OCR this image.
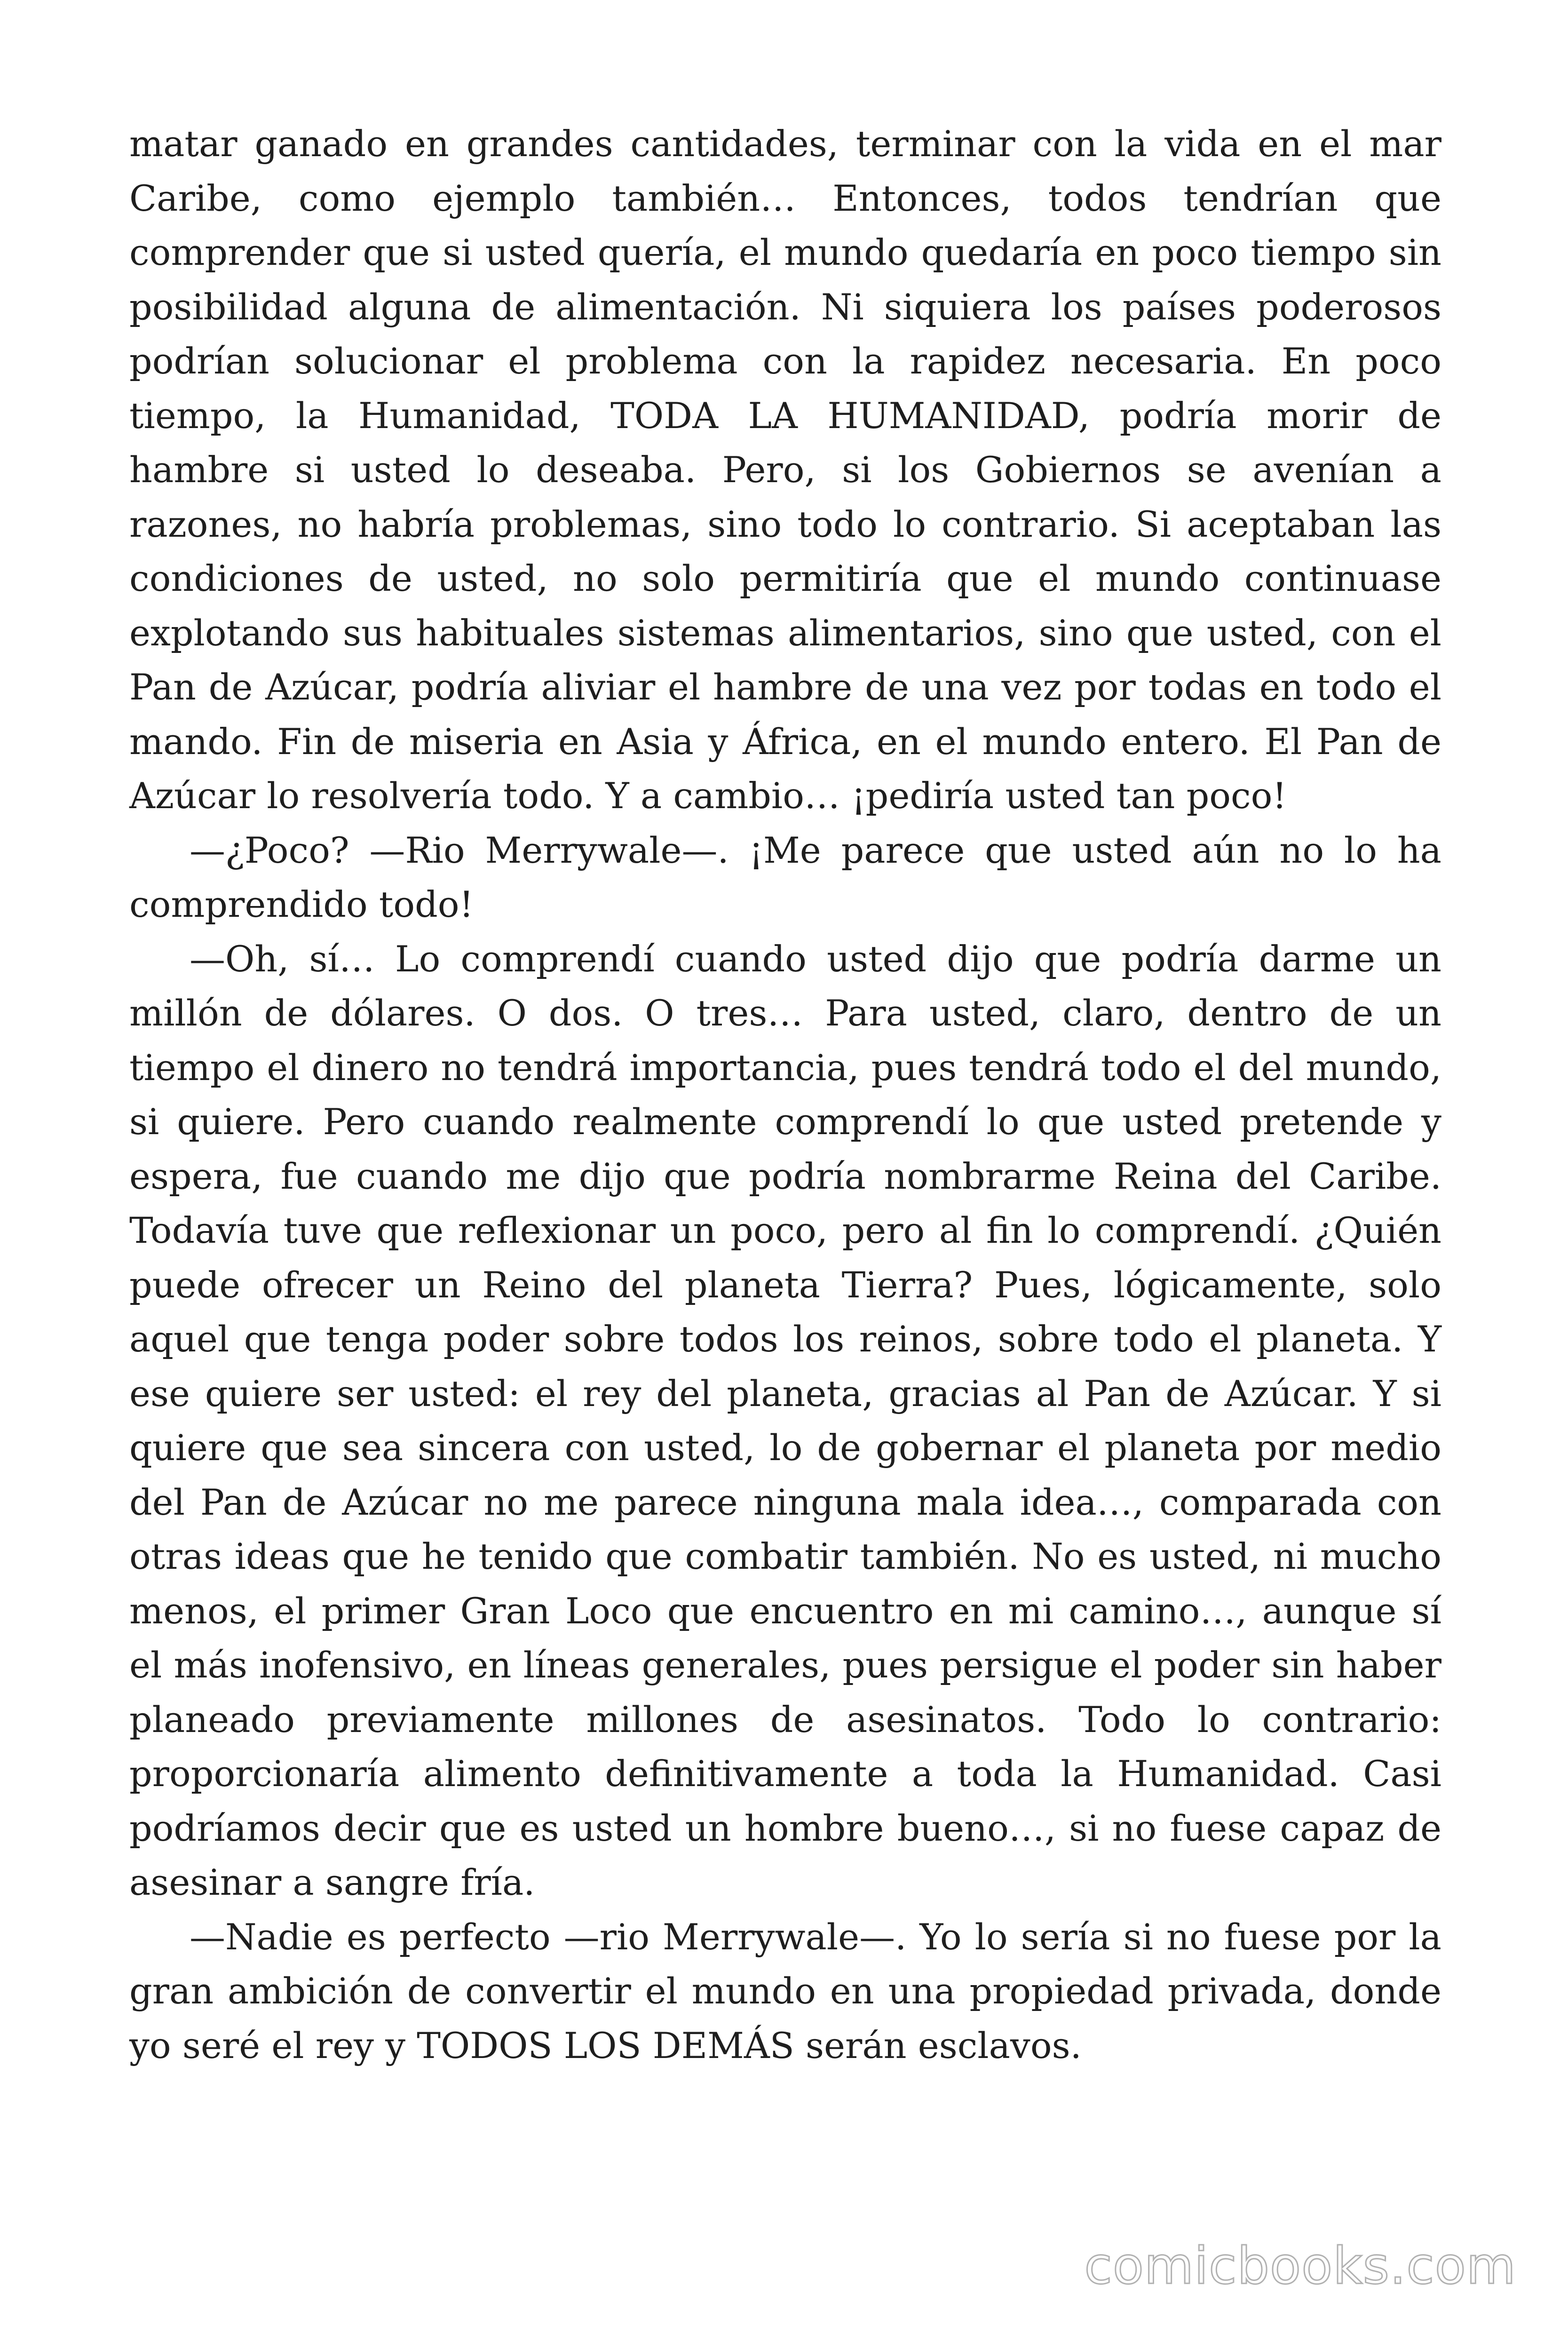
matar ganado en grandes cantidades, terminar con la vida en el mar Caribe, como ejemplo también… Entonces, todos tendrían que comprender que si usted quería, el mundo quedaría en poco tiempo sin posibilidad alguna de alimentación. Ni siquiera los países poderosos podrían solucionar el problema con la rapidez necesaria. En poco tiempo, la Humanidad, TODA LA HUMANIDAD, podría morir de hambre si usted lo deseaba. Pero, si los Gobiernos se avenían a razones, no habría problemas, sino todo lo contrario. Si aceptaban las condiciones de usted, no solo permitiría que el mundo continuase explotando sus habituales sistemas alimentarios, sino que usted, con el Pan de Azúcar, podría aliviar el hambre de una vez por todas en todo el mando. Fin de miseria en Asia y África, en el mundo entero. El Pan de Azúcar lo resolvería todo. Y a cambio… ¡pediría usted tan poco!

—¿Poco? —Rio Merrywale—. ¡Me parece que usted aún no lo ha comprendido todo!

—Oh, sí… Lo comprendí cuando usted dijo que podría darme un millón de dólares. O dos. O tres… Para usted, claro, dentro de un tiempo el dinero no tendrá importancia, pues tendrá todo el del mundo, si quiere. Pero cuando realmente comprendí lo que usted pretende y espera, fue cuando me dijo que podría nombrarme Reina del Caribe. Todavía tuve que reflexionar un poco, pero al fin lo comprendí. ¿Quién puede ofrecer un Reino del planeta Tierra? Pues, lógicamente, solo aquel que tenga poder sobre todos los reinos, sobre todo el planeta. Y ese quiere ser usted: el rey del planeta, gracias al Pan de Azúcar. Y si quiere que sea sincera con usted, lo de gobernar el planeta por medio del Pan de Azúcar no me parece ninguna mala idea…, comparada con otras ideas que he tenido que combatir también. No es usted, ni mucho menos, el primer Gran Loco que encuentro en mi camino…, aunque sí el más inofensivo, en líneas generales, pues persigue el poder sin haber planeado previamente millones de asesinatos. Todo lo contrario: proporcionaría alimento definitivamente a toda la Humanidad. Casi podríamos decir que es usted un hombre bueno…, si no fuese capaz de asesinar a sangre fría.

—Nadie es perfecto —rio Merrywale—. Yo lo sería si no fuese por la gran ambición de convertir el mundo en una propiedad privada, donde yo seré el rey y TODOS LOS DEMÁS serán esclavos.

comicbooks.com
